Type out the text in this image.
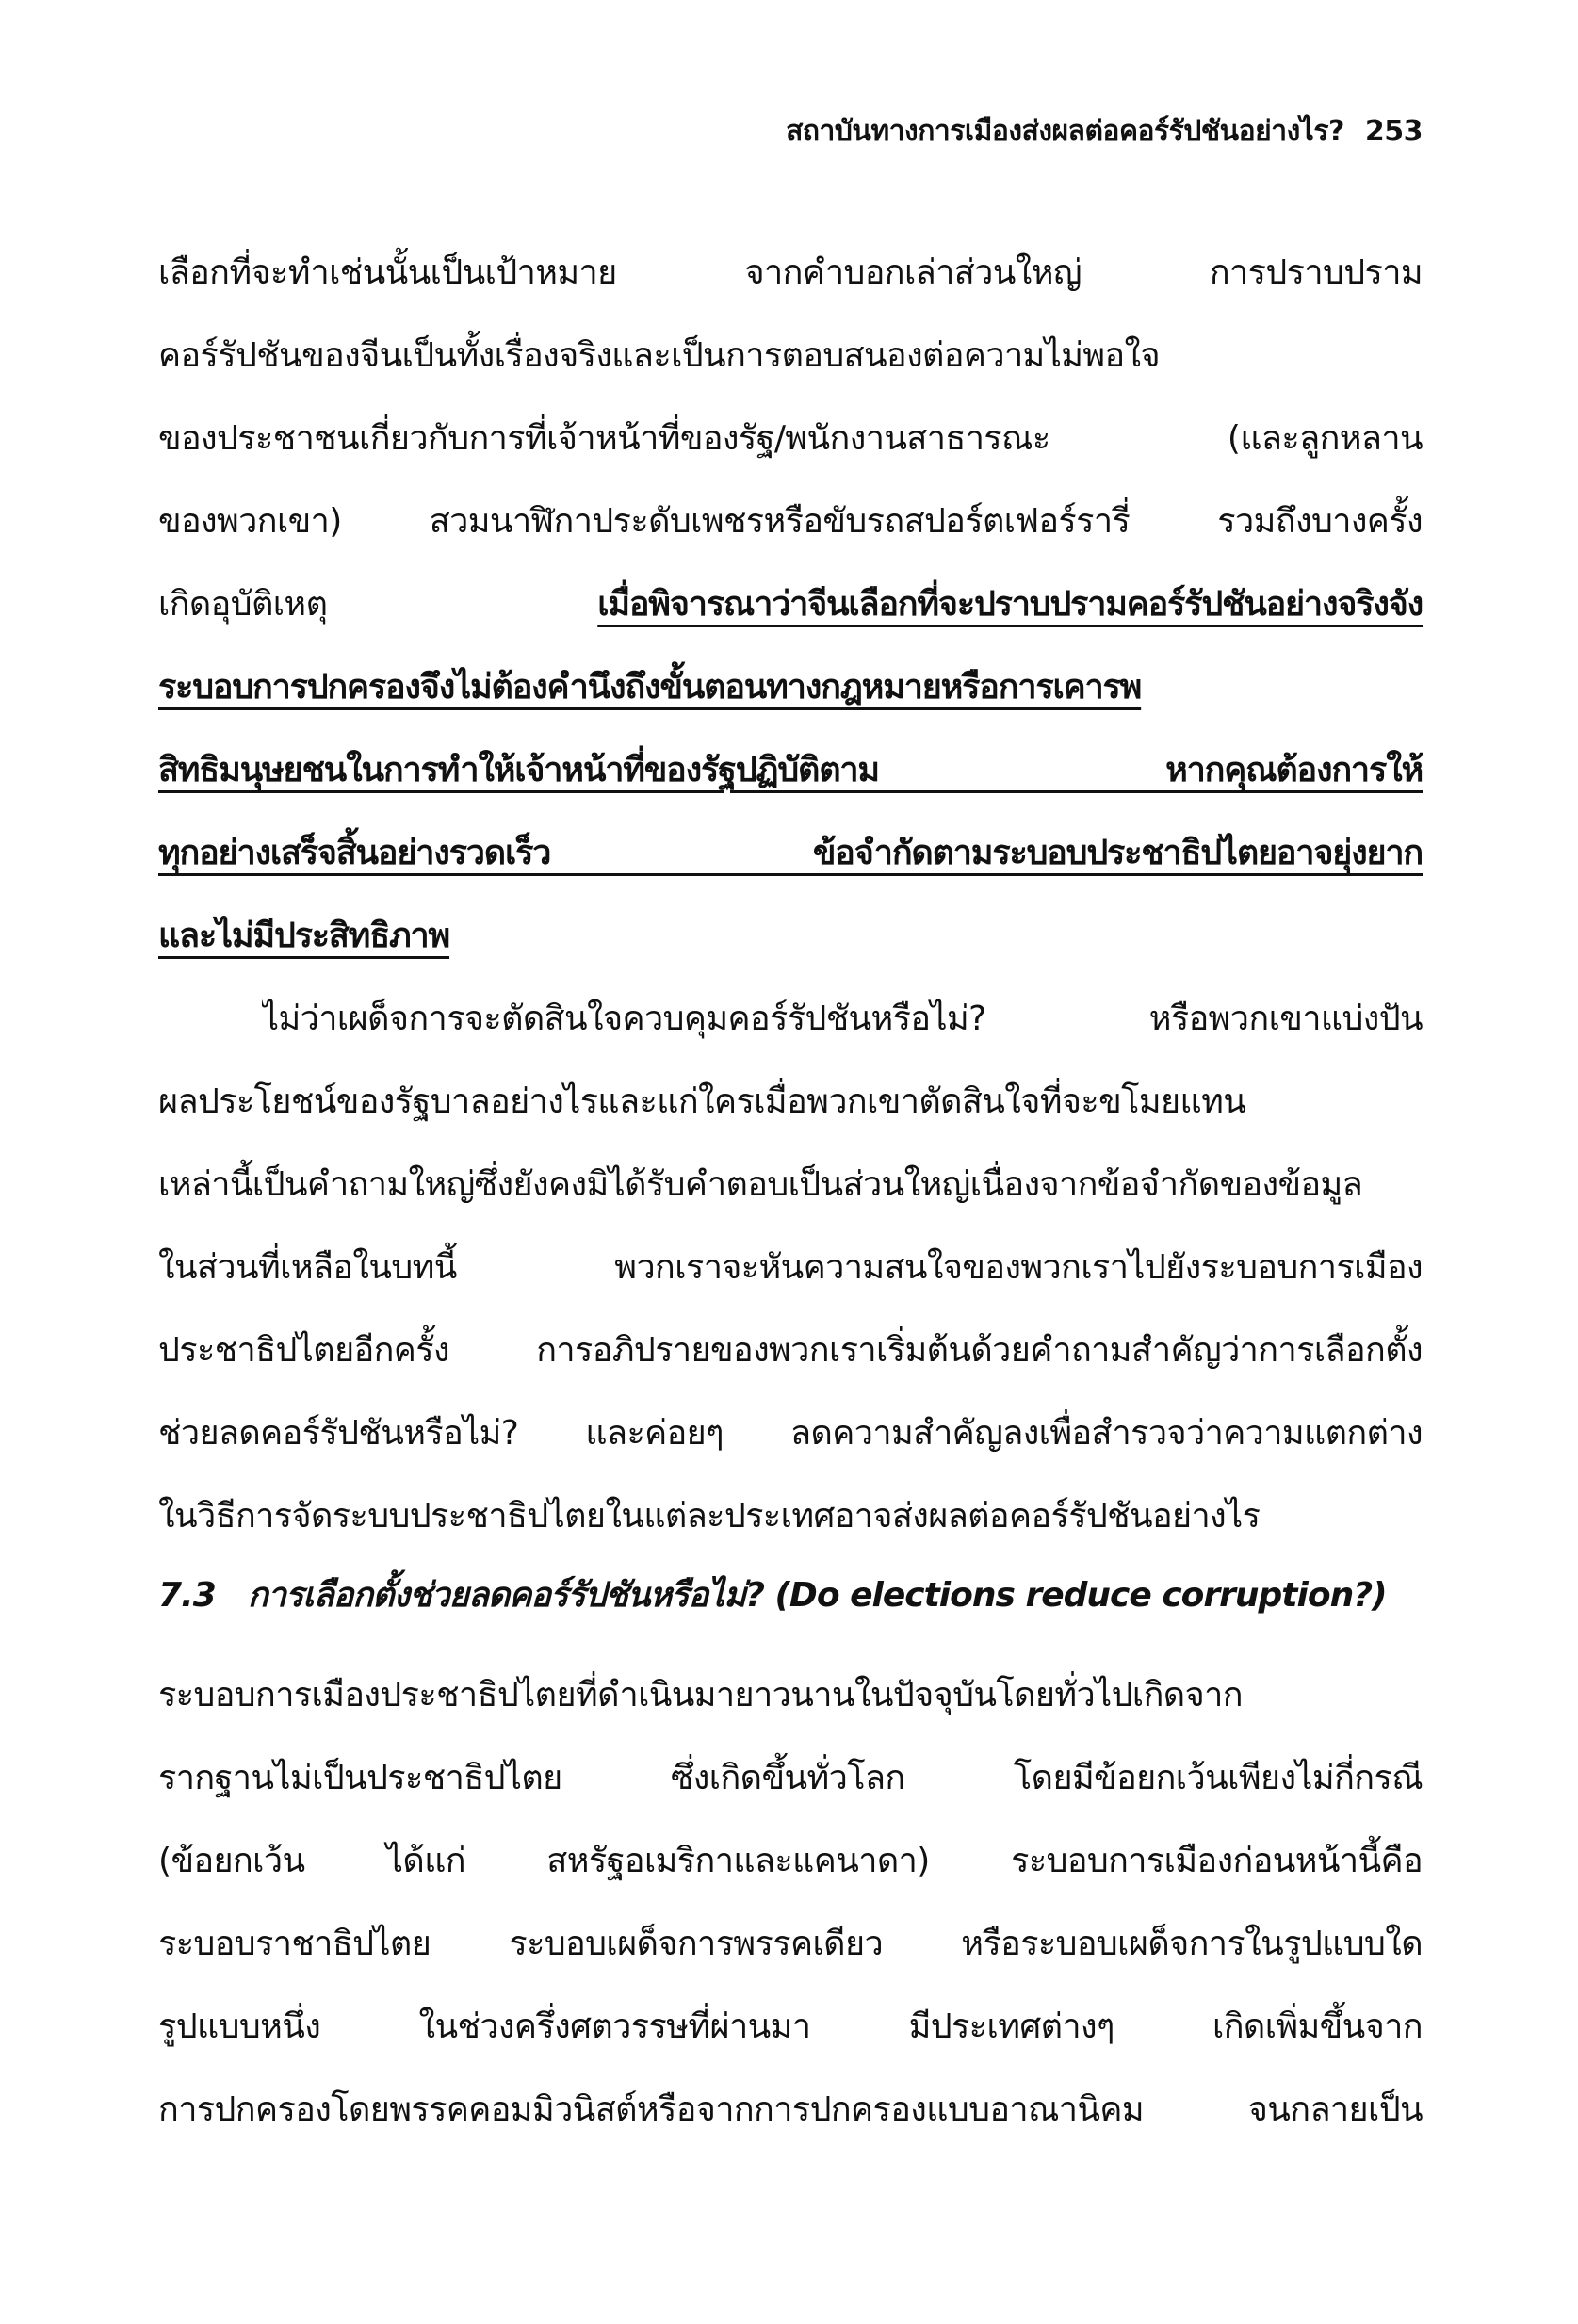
สถาบันทางการเมืองส่งผลต่อคอร์รัปชันอย่างไร? 253
เลือกที่จะทำเช่นนั้นเป็นเป้าหมาย จากคำบอกเล่าส่วนใหญ่ การปราบปราม
คอร์รัปชันของจีนเป็นทั้งเรื่องจริงและเป็นการตอบสนองต่อความไม่พอใจ
ของประชาชนเกี่ยวกับการที่เจ้าหน้าที่ของรัฐ/พนักงานสาธารณะ (และลูกหลาน
ของพวกเขา) สวมนาฬิกาประดับเพชรหรือขับรถสปอร์ตเฟอร์รารี่ รวมถึงบางครั้ง
เกิดอุบัติเหตุ เมื่อพิจารณาว่าจีนเลือกที่จะปราบปรามคอร์รัปชันอย่างจริงจัง
ระบอบการปกครองจึงไม่ต้องคำนึงถึงขั้นตอนทางกฎหมายหรือการเคารพ
สิทธิมนุษยชนในการทำให้เจ้าหน้าที่ของรัฐปฏิบัติตาม หากคุณต้องการให้
ทุกอย่างเสร็จสิ้นอย่างรวดเร็ว ข้อจำกัดตามระบอบประชาธิปไตยอาจยุ่งยาก
และไม่มีประสิทธิภาพ
ไม่ว่าเผด็จการจะตัดสินใจควบคุมคอร์รัปชันหรือไม่? หรือพวกเขาแบ่งปัน
ผลประโยชน์ของรัฐบาลอย่างไรและแก่ใครเมื่อพวกเขาตัดสินใจที่จะขโมยแทน
เหล่านี้เป็นคำถามใหญ่ซึ่งยังคงมิได้รับคำตอบเป็นส่วนใหญ่เนื่องจากข้อจำกัดของข้อมูล
ในส่วนที่เหลือในบทนี้ พวกเราจะหันความสนใจของพวกเราไปยังระบอบการเมือง
ประชาธิปไตยอีกครั้ง การอภิปรายของพวกเราเริ่มต้นด้วยคำถามสำคัญว่าการเลือกตั้ง
ช่วยลดคอร์รัปชันหรือไม่? และค่อยๆ ลดความสำคัญลงเพื่อสำรวจว่าความแตกต่าง
ในวิธีการจัดระบบประชาธิปไตยในแต่ละประเทศอาจส่งผลต่อคอร์รัปชันอย่างไร
7.3 การเลือกตั้งช่วยลดคอร์รัปชันหรือไม่? (Do elections reduce corruption?)
ระบอบการเมืองประชาธิปไตยที่ดำเนินมายาวนานในปัจจุบันโดยทั่วไปเกิดจาก
รากฐานไม่เป็นประชาธิปไตย ซึ่งเกิดขึ้นทั่วโลก โดยมีข้อยกเว้นเพียงไม่กี่กรณี
(ข้อยกเว้น ได้แก่ สหรัฐอเมริกาและแคนาดา) ระบอบการเมืองก่อนหน้านี้คือ
ระบอบราชาธิปไตย ระบอบเผด็จการพรรคเดียว หรือระบอบเผด็จการในรูปแบบใด
รูปแบบหนึ่ง ในช่วงครึ่งศตวรรษที่ผ่านมา มีประเทศต่างๆ เกิดเพิ่มขึ้นจาก
การปกครองโดยพรรคคอมมิวนิสต์หรือจากการปกครองแบบอาณานิคม จนกลายเป็น
